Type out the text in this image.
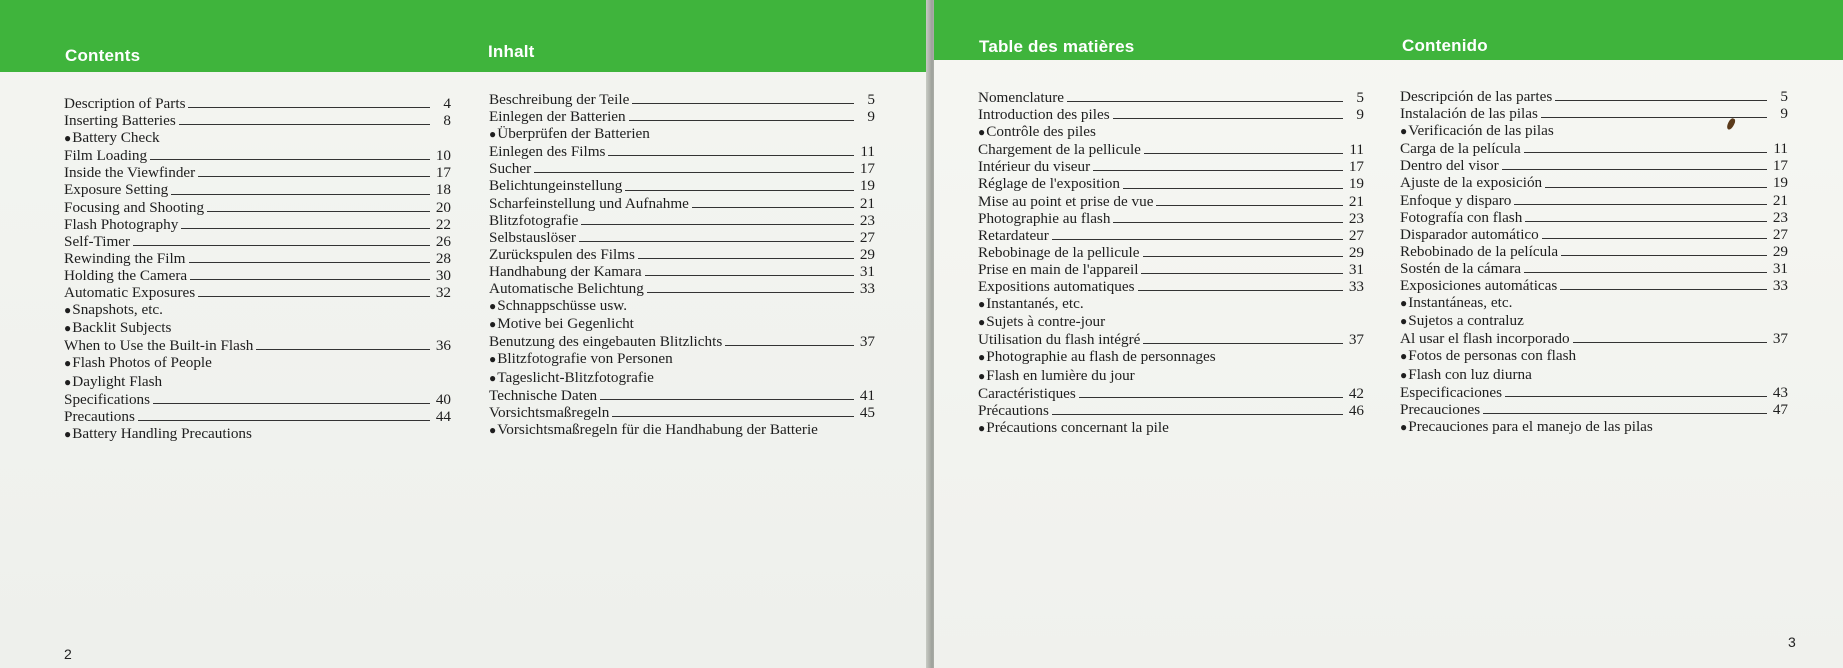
Contents	Inhalt
Description of Parts	4
Inserting Batteries	8
● Battery Check
Film Loading	10
Inside the Viewfinder	17
Exposure Setting	18
Focusing and Shooting	20
Flash Photography	22
Self-Timer	26
Rewinding the Film	28
Holding the Camera	30
Automatic Exposures	32
● Snapshots, etc.
● Backlit Subjects
When to Use the Built-in Flash	36
● Flash Photos of People
● Daylight Flash
Specifications	40
Precautions	44
● Battery Handling Precautions
Beschreibung der Teile	5
Einlegen der Batterien	9
● Überprüfen der Batterien
Einlegen des Films	11
Sucher	17
Belichtungeinstellung	19
Scharfeinstellung und Aufnahme	21
Blitzfotografie	23
Selbstauslöser	27
Zurückspulen des Films	29
Handhabung der Kamara	31
Automatische Belichtung	33
● Schnappschüsse usw.
● Motive bei Gegenlicht
Benutzung des eingebauten Blitzlichts	37
● Blitzfotografie von Personen
● Tageslicht-Blitzfotografie
Technische Daten	41
Vorsichtsmaßregeln	45
● Vorsichtsmaßregeln für die Handhabung der Batterie
2
Table des matières	Contenido
Nomenclature	5
Introduction des piles	9
● Contrôle des piles
Chargement de la pellicule	11
Intérieur du viseur	17
Réglage de l'exposition	19
Mise au point et prise de vue	21
Photographie au flash	23
Retardateur	27
Rebobinage de la pellicule	29
Prise en main de l'appareil	31
Expositions automatiques	33
● Instantanés, etc.
● Sujets à contre-jour
Utilisation du flash intégré	37
● Photographie au flash de personnages
● Flash en lumière du jour
Caractéristiques	42
Précautions	46
● Précautions concernant la pile
Descripción de las partes	5
Instalación de las pilas	9
● Verificación de las pilas
Carga de la película	11
Dentro del visor	17
Ajuste de la exposición	19
Enfoque y disparo	21
Fotografía con flash	23
Disparador automático	27
Rebobinado de la película	29
Sostén de la cámara	31
Exposiciones automáticas	33
● Instantáneas, etc.
● Sujetos a contraluz
Al usar el flash incorporado	37
● Fotos de personas con flash
● Flash con luz diurna
Especificaciones	43
Precauciones	47
● Precauciones para el manejo de las pilas
3
